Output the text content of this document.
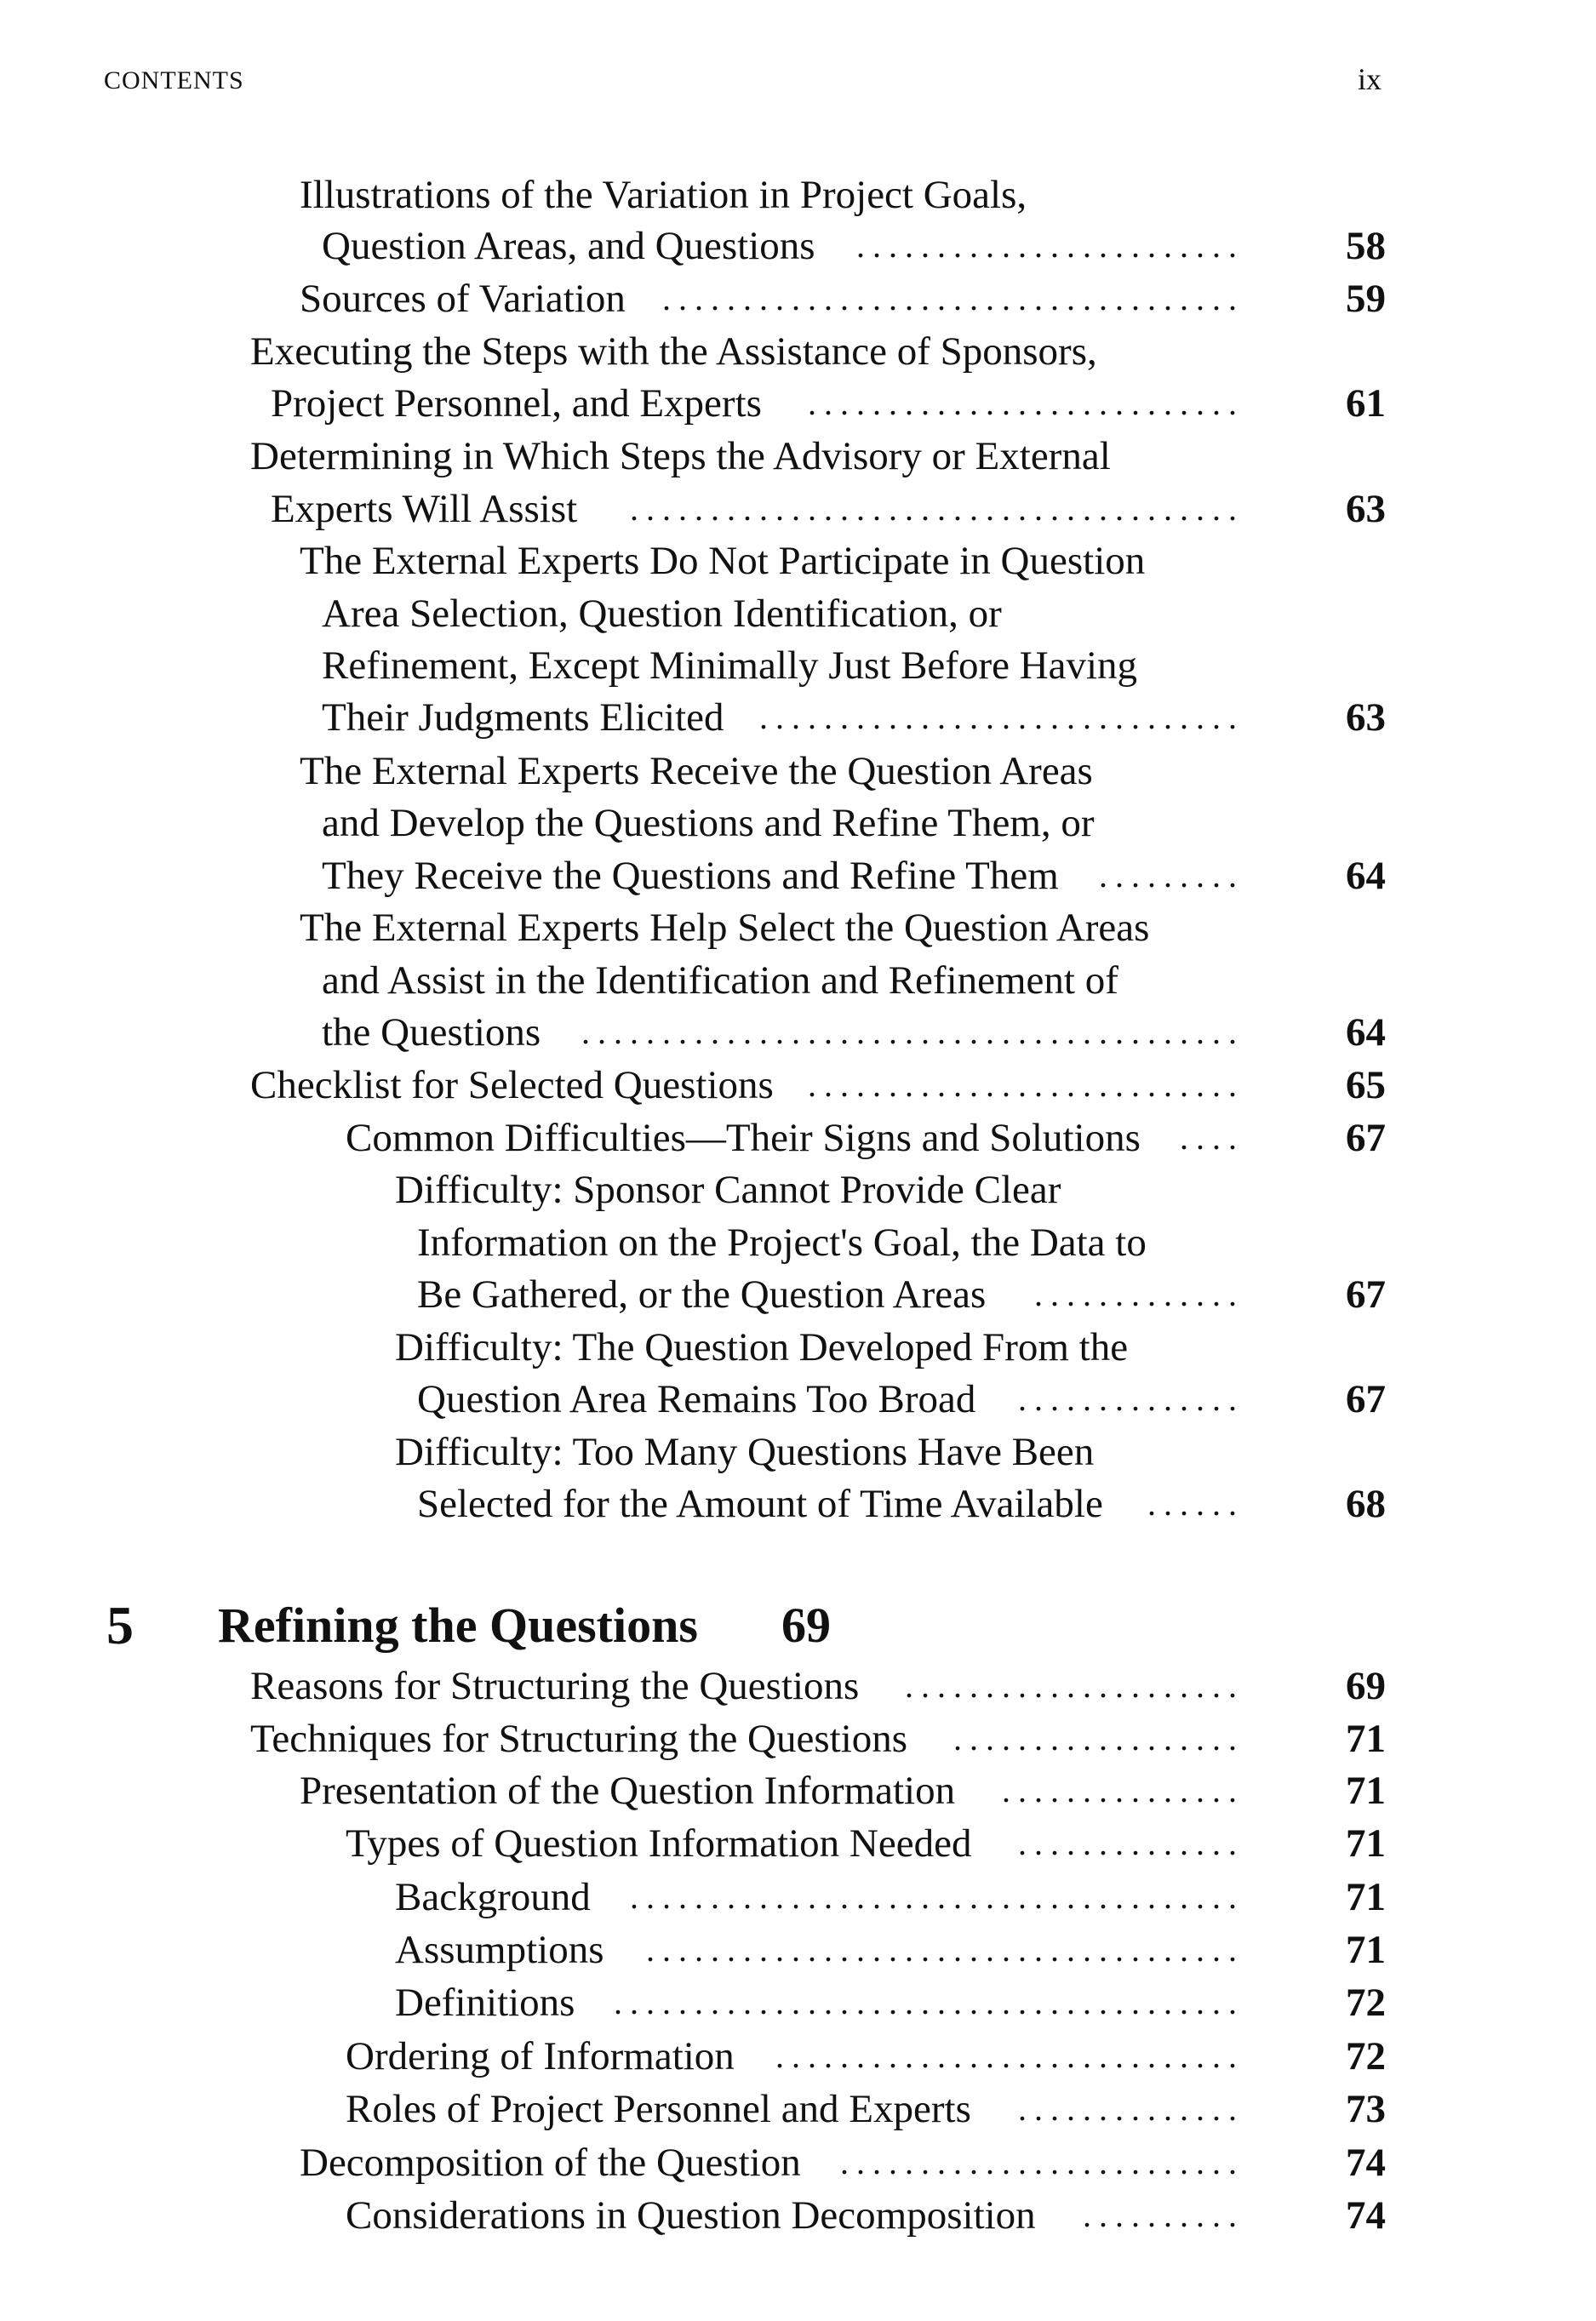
CONTENTS	ix
Illustrations of the Variation in Project Goals,
Question Areas, and Questions ........................	58
Sources of Variation ....................................	59
Executing the Steps with the Assistance of Sponsors,
Project Personnel, and Experts	...........................	61
Determining in Which Steps the Advisory or External
Experts Will Assist	......................................	63
The External Experts Do Not Participate in Question
Area Selection, Question Identification, or
Refinement, Except Minimally Just Before Having
Their Judgments Elicited ..............................	63
The External Experts Receive the Question Areas
and Develop the Questions and Refine Them, or
They Receive the Questions and Refine Them .........	64
The External Experts Help Select the Question Areas
and Assist in the Identification and Refinement of
the Questions .........................................	64
Checklist for Selected Questions ...........................	65
Common Difficulties—Their Signs and Solutions ....	67
Difficulty: Sponsor Cannot Provide Clear
Information on the Project's Goal, the Data to
Be Gathered, or the Question Areas	.............	67
Difficulty: The Question Developed From the
Question Area Remains Too Broad ..............	67
Difficulty: Too Many Questions Have Been
Selected for the Amount of Time Available ......	68
5 Refining the Questions 69
Reasons for Structuring the Questions	.....................	69
Techniques for Structuring the Questions	..................	71
Presentation of the Question Information	...............	71
Types of Question Information Needed	..............	71
Background ......................................	71
Assumptions .....................................	71
Definitions .......................................	72
Ordering of Information .............................	72
Roles of Project Personnel and Experts	..............	73
Decomposition of the Question .........................	74
Considerations in Question Decomposition	..........	74
